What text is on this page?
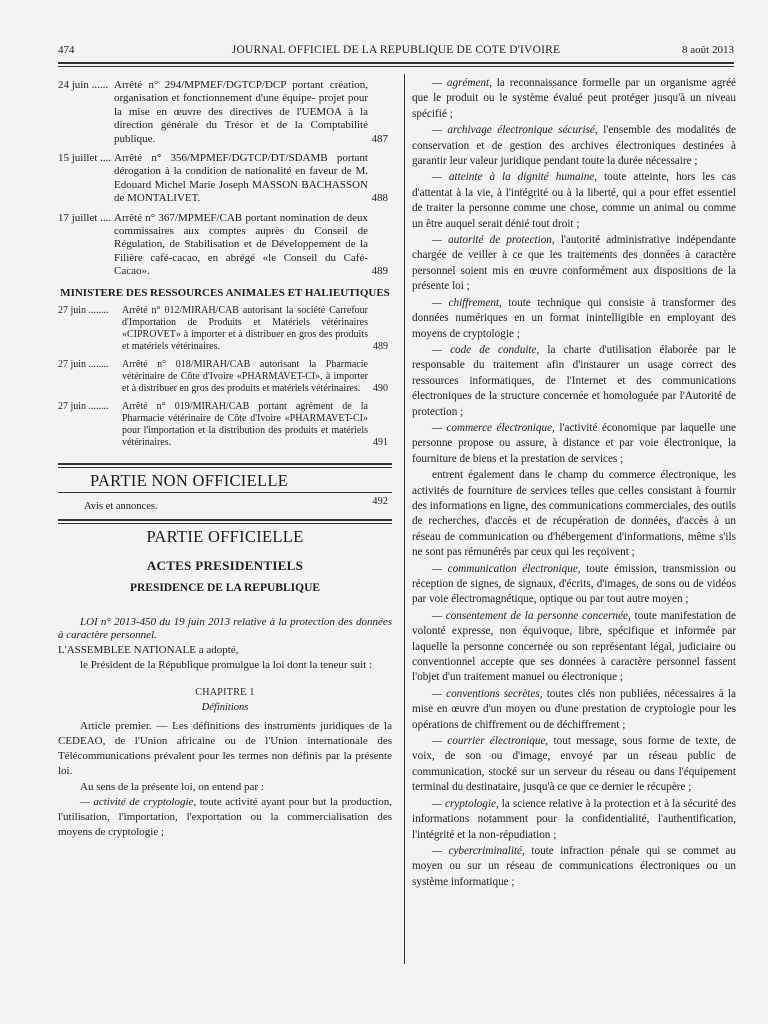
474	JOURNAL OFFICIEL DE LA REPUBLIQUE DE COTE D'IVOIRE	8 août 2013
24 juin ...... Arrêté n° 294/MPMEF/DGTCP/DCP portant création, organisation et fonctionnement d'une équipe- projet pour la mise en œuvre des directives de l'UEMOA à la direction générale du Trésor et de la Comptabilité publique.	487
15 juillet .... Arrêté n° 356/MPMEF/DGTCP/DT/SDAMB portant dérogation à la condition de nationalité en faveur de M. Edouard Michel Marie Joseph MASSON BACHASSON de MONTALIVET.	488
17 juillet .... Arrêté n° 367/MPMEF/CAB portant nomination de deux commissaires aux comptes auprès du Conseil de Régulation, de Stabilisation et de Développement de la Filière café-cacao, en abrégé «le Conseil du Café-Cacao».	489
MINISTERE DES RESSOURCES ANIMALES ET HALIEUTIQUES
27 juin ........ Arrêté n° 012/MIRAH/CAB autorisant la société Carrefour d'Importation de Produits et Matériels vétérinaires «CIPROVET» à importer et à distribuer en gros des produits et matériels vétérinaires.	489
27 juin ........ Arrêté n° 018/MIRAH/CAB autorisant la Pharmacie vétérinaire de Côte d'Ivoire «PHARMAVET-CI», à importer et à distribuer en gros des produits et matériels vétérinaires.	490
27 juin ........ Arrêté n° 019/MIRAH/CAB portant agrément de la Pharmacie vétérinaire de Côte d'Ivoire «PHARMAVET-CI» pour l'importation et la distribution des produits et matériels vétérinaires.	491
PARTIE NON OFFICIELLE
Avis et annonces.	492
PARTIE OFFICIELLE
ACTES PRESIDENTIELS
PRESIDENCE DE LA REPUBLIQUE

LOI n° 2013-450 du 19 juin 2013 relative à la protection des données à caractère personnel.

L'ASSEMBLEE NATIONALE a adopté,

le Président de la République promulgue la loi dont la teneur suit :

CHAPITRE 1
Définitions

Article premier. — Les définitions des instruments juridiques de la CEDEAO, de l'Union africaine ou de l'Union internationale des Télécommunications prévalent pour les termes non définis par la présente loi.

Au sens de la présente loi, on entend par :

— activité de cryptologie, toute activité ayant pour but la production, l'utilisation, l'importation, l'exportation ou la commercialisation des moyens de cryptologie ;

— agrément, la reconnaissance formelle par un organisme agréé que le produit ou le système évalué peut protéger jusqu'à un niveau spécifié ;

— archivage électronique sécurisé, l'ensemble des modalités de conservation et de gestion des archives électroniques destinées à garantir leur valeur juridique pendant toute la durée nécessaire ;

— atteinte à la dignité humaine, toute atteinte, hors les cas d'attentat à la vie, à l'intégrité ou à la liberté, qui a pour effet essentiel de traiter la personne comme une chose, comme un animal ou comme un être auquel serait dénié tout droit ;

— autorité de protection, l'autorité administrative indépendante chargée de veiller à ce que les traitements des données à caractère personnel soient mis en œuvre conformément aux dispositions de la présente loi ;

— chiffrement, toute technique qui consiste à transformer des données numériques en un format inintelligible en employant des moyens de cryptologie ;

— code de conduite, la charte d'utilisation élaborée par le responsable du traitement afin d'instaurer un usage correct des ressources informatiques, de l'Internet et des communications électroniques de la structure concernée et homologuée par l'Autorité de protection ;

— commerce électronique, l'activité économique par laquelle une personne propose ou assure, à distance et par voie électronique, la fourniture de biens et la prestation de services ;

entrent également dans le champ du commerce électronique, les activités de fourniture de services telles que celles consistant à fournir des informations en ligne, des communications commerciales, des outils de recherches, d'accès et de récupération de données, d'accès à un réseau de communication ou d'hébergement d'informations, même s'ils ne sont pas rémunérés par ceux qui les reçoivent ;

— communication électronique, toute émission, transmission ou réception de signes, de signaux, d'écrits, d'images, de sons ou de vidéos par voie électromagnétique, optique ou par tout autre moyen ;

— consentement de la personne concernée, toute manifestation de volonté expresse, non équivoque, libre, spécifique et informée par laquelle la personne concernée ou son représentant légal, judiciaire ou conventionnel accepte que ses données à caractère personnel fassent l'objet d'un traitement manuel ou électronique ;

— conventions secrètes, toutes clés non publiées, nécessaires à la mise en œuvre d'un moyen ou d'une prestation de cryptologie pour les opérations de chiffrement ou de déchiffrement ;

— courrier électronique, tout message, sous forme de texte, de voix, de son ou d'image, envoyé par un réseau public de communication, stocké sur un serveur du réseau ou dans l'équipement terminal du destinataire, jusqu'à ce que ce dernier le récupère ;

— cryptologie, la science relative à la protection et à la sécurité des informations notamment pour la confidentialité, l'authentification, l'intégrité et la non-répudiation ;

— cybercriminalité, toute infraction pénale qui se commet au moyen ou sur un réseau de communications électroniques ou un système informatique ;
